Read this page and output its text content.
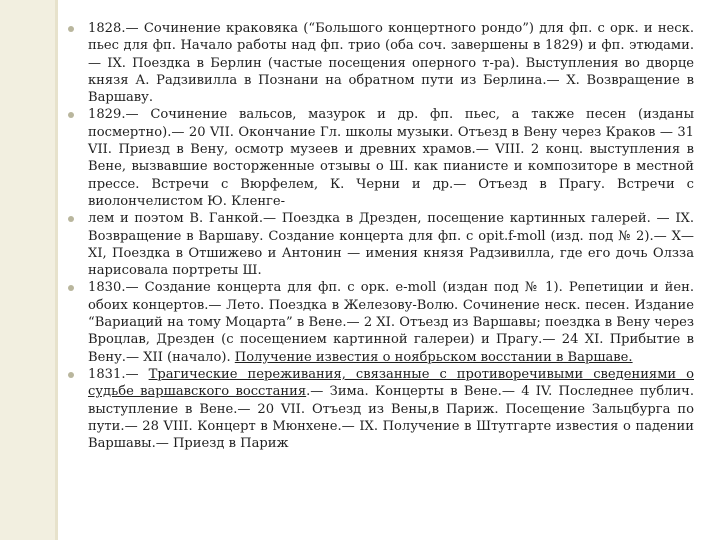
1828.— Сочинение краковяка (“Большого концертного рондо”) для фп. с орк. и неск. пьес для фп. Начало работы над фп. трио (оба соч. завершены в 1829) и фп. этюдами.— IX. Поездка в Берлин (частые посещения оперного т-ра). Выступления во дворце князя А. Радзивилла в Познани на обратном пути из Берлина.— X. Возвращение в Варшаву.
1829.— Сочинение вальсов, мазурок и др. фп. пьес, а также песен (изданы посмертно).— 20 VII. Окончание Гл. школы музыки. Отъезд в Вену через Краков — 31 VII. Приезд в Вену, осмотр музеев и древних храмов.— VIII. 2 конц. выступления в Вене, вызвавшие восторженные отзывы о Ш. как пианисте и композиторе в местной прессе. Встречи с Вюрфелем, К. Черни и др.— Отъезд в Прагу. Встречи с виолончелистом Ю. Кленге-
лем и поэтом В. Ганкой.— Поездка в Дрезден, посещение картинных галерей. — IX. Возвращение в Варшаву. Создание концерта для фп. с opit.f-moll (изд. под № 2).— X—XI, Поездка в Отшижево и Антонин — имения князя Радзивилла, где его дочь Олзза нарисовала портреты Ш.
1830.— Создание концерта для фп. с орк. e-moll (издан под № 1). Репетиции и йен. обоих концертов.— Лето. Поездка в Железову-Волю. Сочинение неск. песен. Издание “Вариаций на тому Моцарта” в Вене.— 2 XI. Отъезд из Варшавы; поездка в Вену через Вроцлав, Дрезден (с посещением картинной галереи) и Прагу.— 24 XI. Прибытие в Вену.— XII (начало). Получение известия о ноябрьском восстании в Варшаве.
1831.— Трагические переживания, связанные с противоречивыми сведениями о судьбе варшавского восстания.— Зима. Концерты в Вене.— 4 IV. Последнее публич. выступление в Вене.— 20 VII. Отъезд из Вены,в Париж. Посещение Зальцбурга по пути.— 28 VIII. Концерт в Мюнхене.— IX. Получение в Штутгарте известия о падении Варшавы.— Приезд в Париж
